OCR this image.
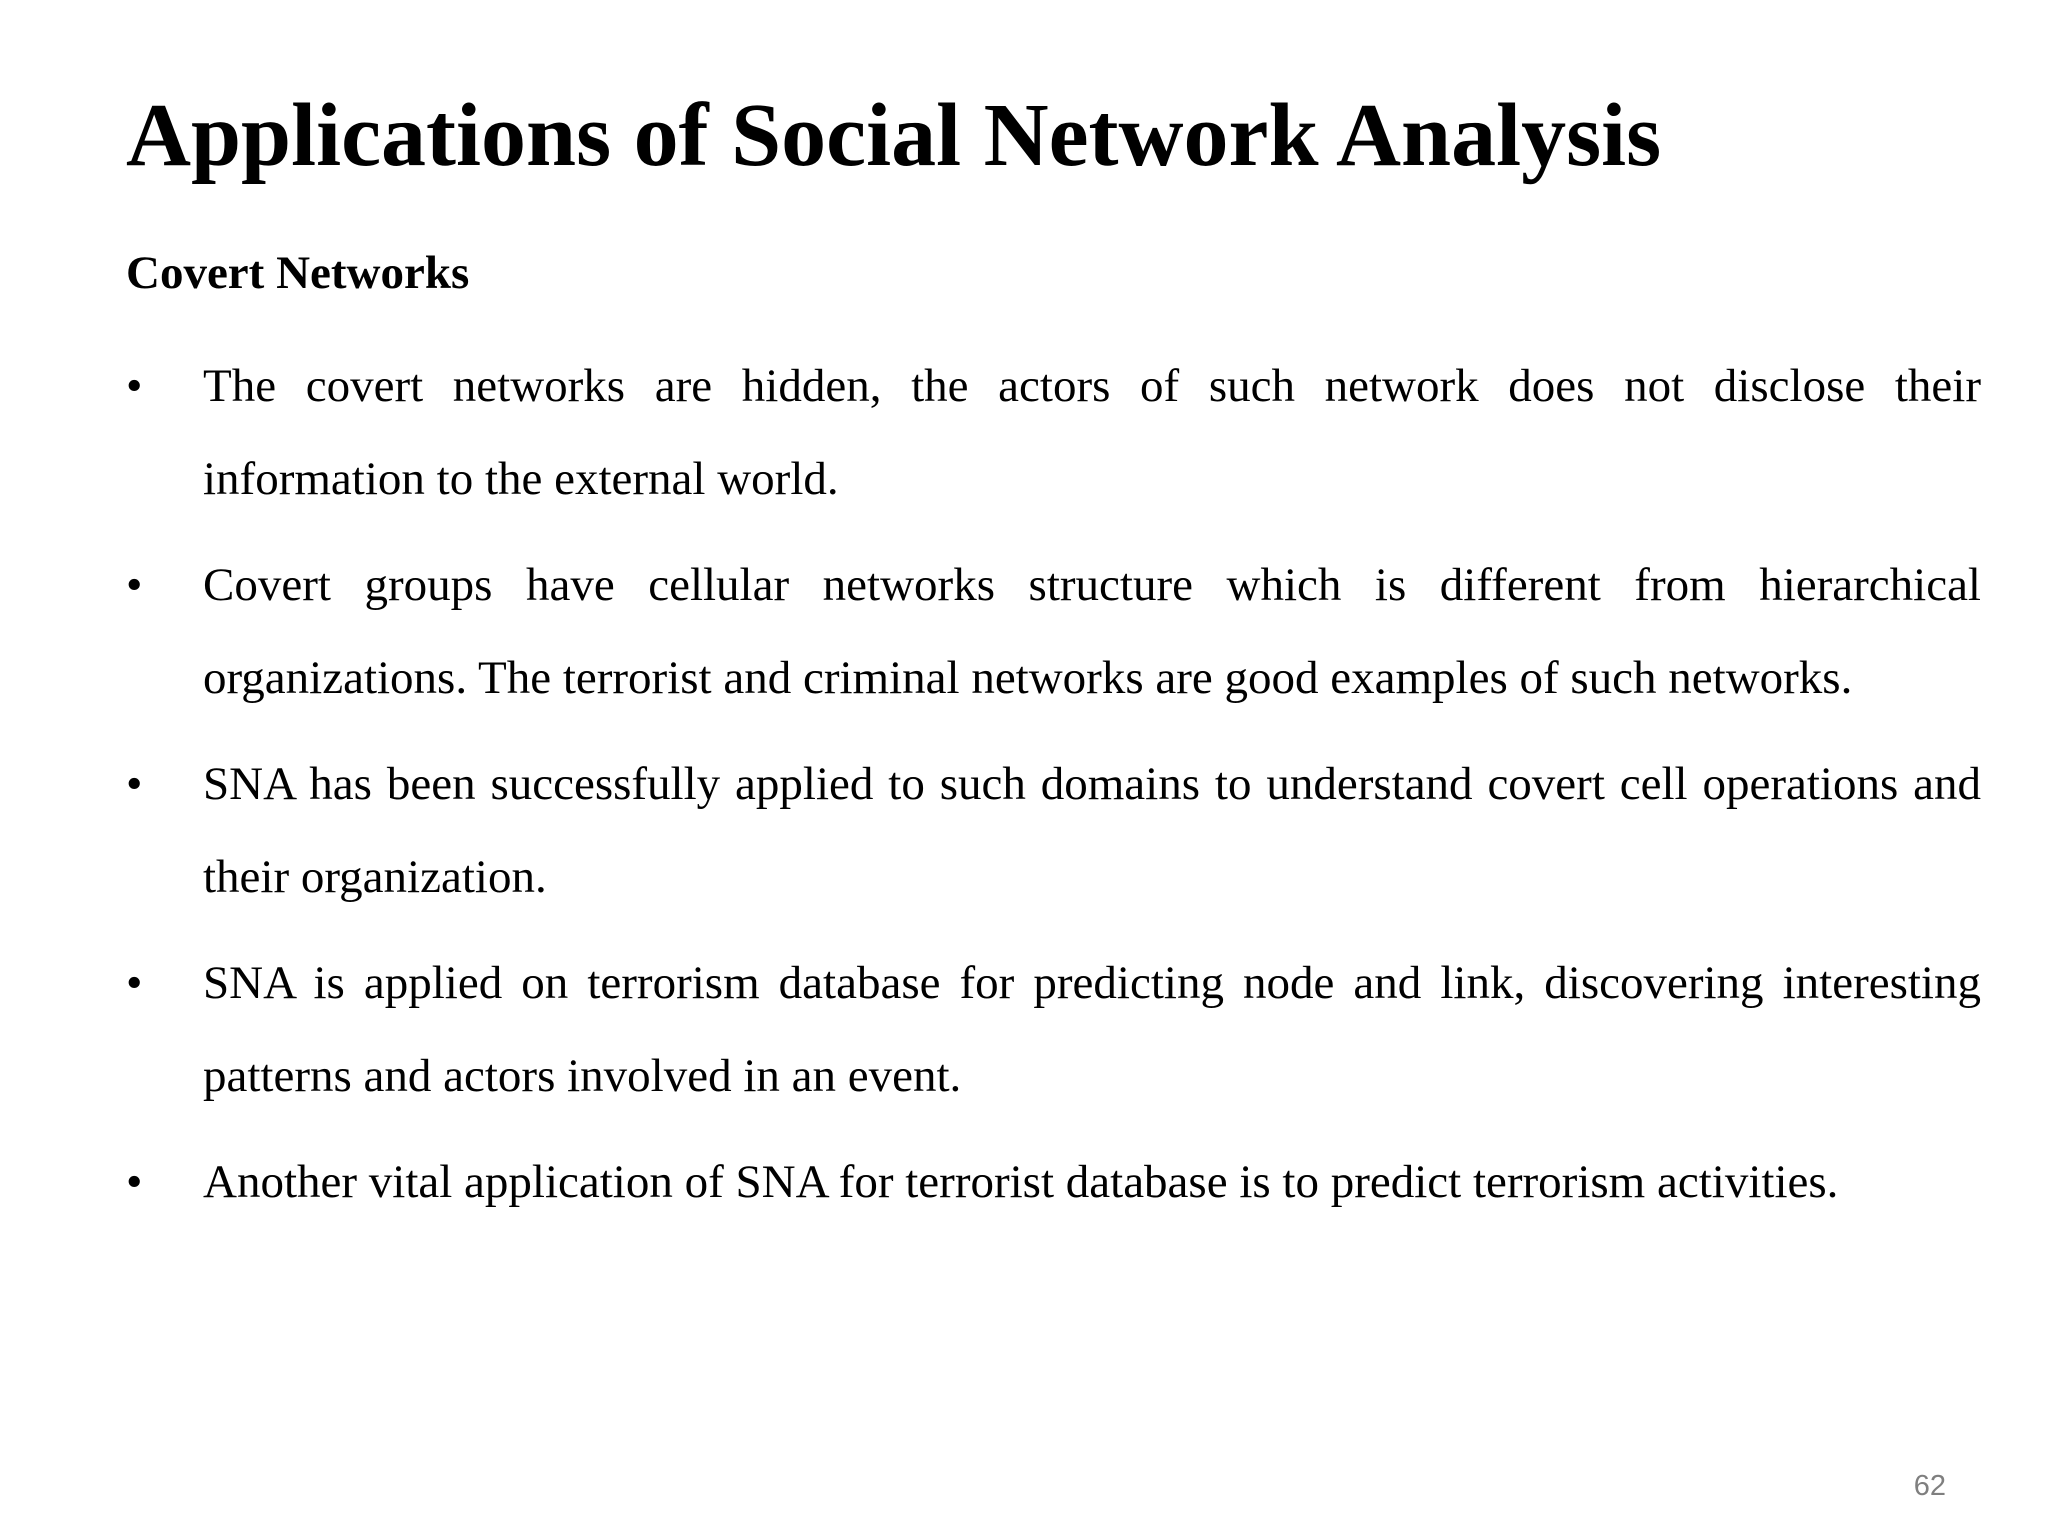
Applications of Social Network Analysis
Covert Networks
•	The covert networks are hidden, the actors of such network does not disclose their information to the external world.
•	Covert groups have cellular networks structure which is different from hierarchical organizations. The terrorist and criminal networks are good examples of such networks.
•	SNA has been successfully applied to such domains to understand covert cell operations and their organization.
•	SNA is applied on terrorism database for predicting node and link, discovering interesting patterns and actors involved in an event.
•	Another vital application of SNA for terrorist database is to predict terrorism activities.
62
